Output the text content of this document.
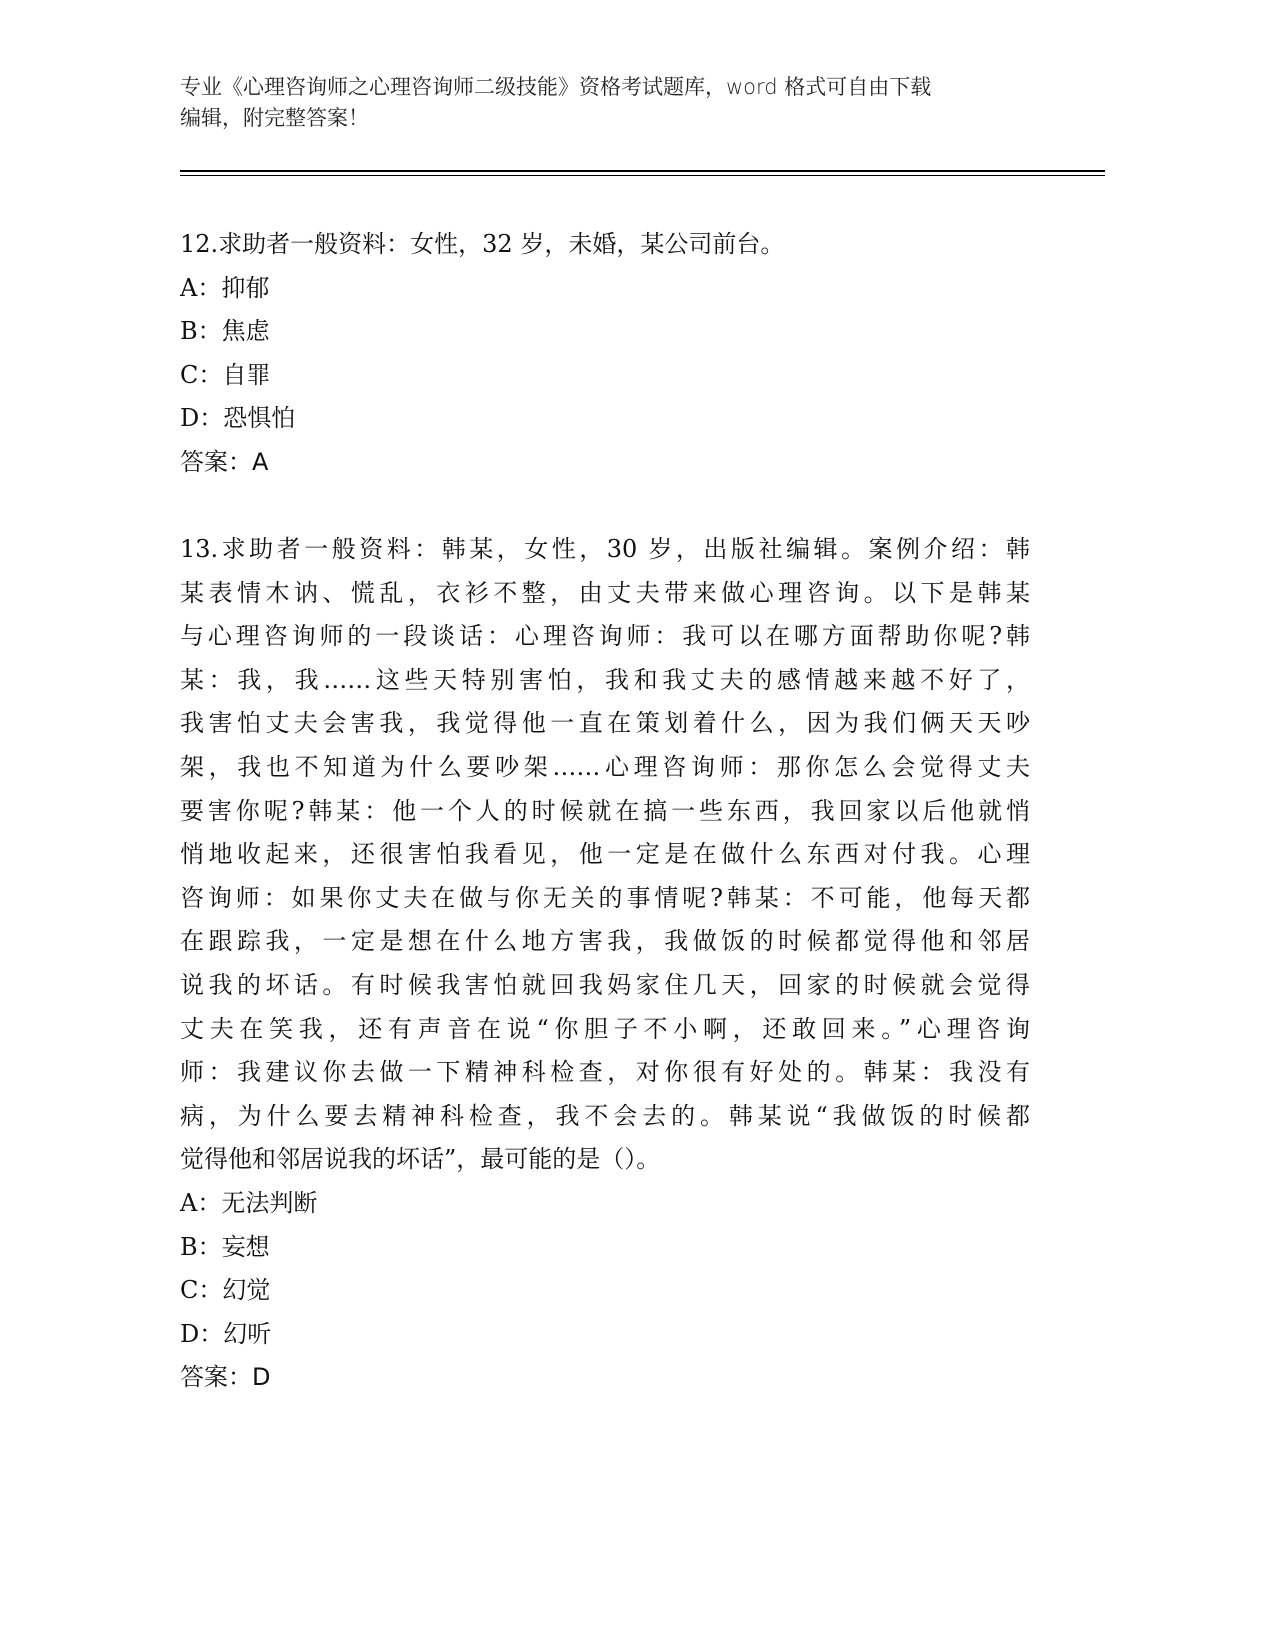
专业《心理咨询师之心理咨询师二级技能》资格考试题库，word 格式可自由下载
编辑，附完整答案！
12.求助者一般资料：女性，32 岁，未婚，某公司前台。
A：抑郁
B：焦虑
C：自罪
D：恐惧怕
答案：A
13.求助者一般资料：韩某，女性，30 岁，出版社编辑。案例介绍：韩
某表情木讷、慌乱，衣衫不整，由丈夫带来做心理咨询。以下是韩某
与心理咨询师的一段谈话：心理咨询师：我可以在哪方面帮助你呢?韩
某：我，我……这些天特别害怕，我和我丈夫的感情越来越不好了，
我害怕丈夫会害我，我觉得他一直在策划着什么，因为我们俩天天吵
架，我也不知道为什么要吵架……心理咨询师：那你怎么会觉得丈夫
要害你呢?韩某：他一个人的时候就在搞一些东西，我回家以后他就悄
悄地收起来，还很害怕我看见，他一定是在做什么东西对付我。心理
咨询师：如果你丈夫在做与你无关的事情呢?韩某：不可能，他每天都
在跟踪我，一定是想在什么地方害我，我做饭的时候都觉得他和邻居
说我的坏话。有时候我害怕就回我妈家住几天，回家的时候就会觉得
丈夫在笑我，还有声音在说“你胆子不小啊，还敢回来。”心理咨询
师：我建议你去做一下精神科检查，对你很有好处的。韩某：我没有
病，为什么要去精神科检查，我不会去的。韩某说“我做饭的时候都
觉得他和邻居说我的坏话”，最可能的是（）。
A：无法判断
B：妄想
C：幻觉
D：幻听
答案：D
